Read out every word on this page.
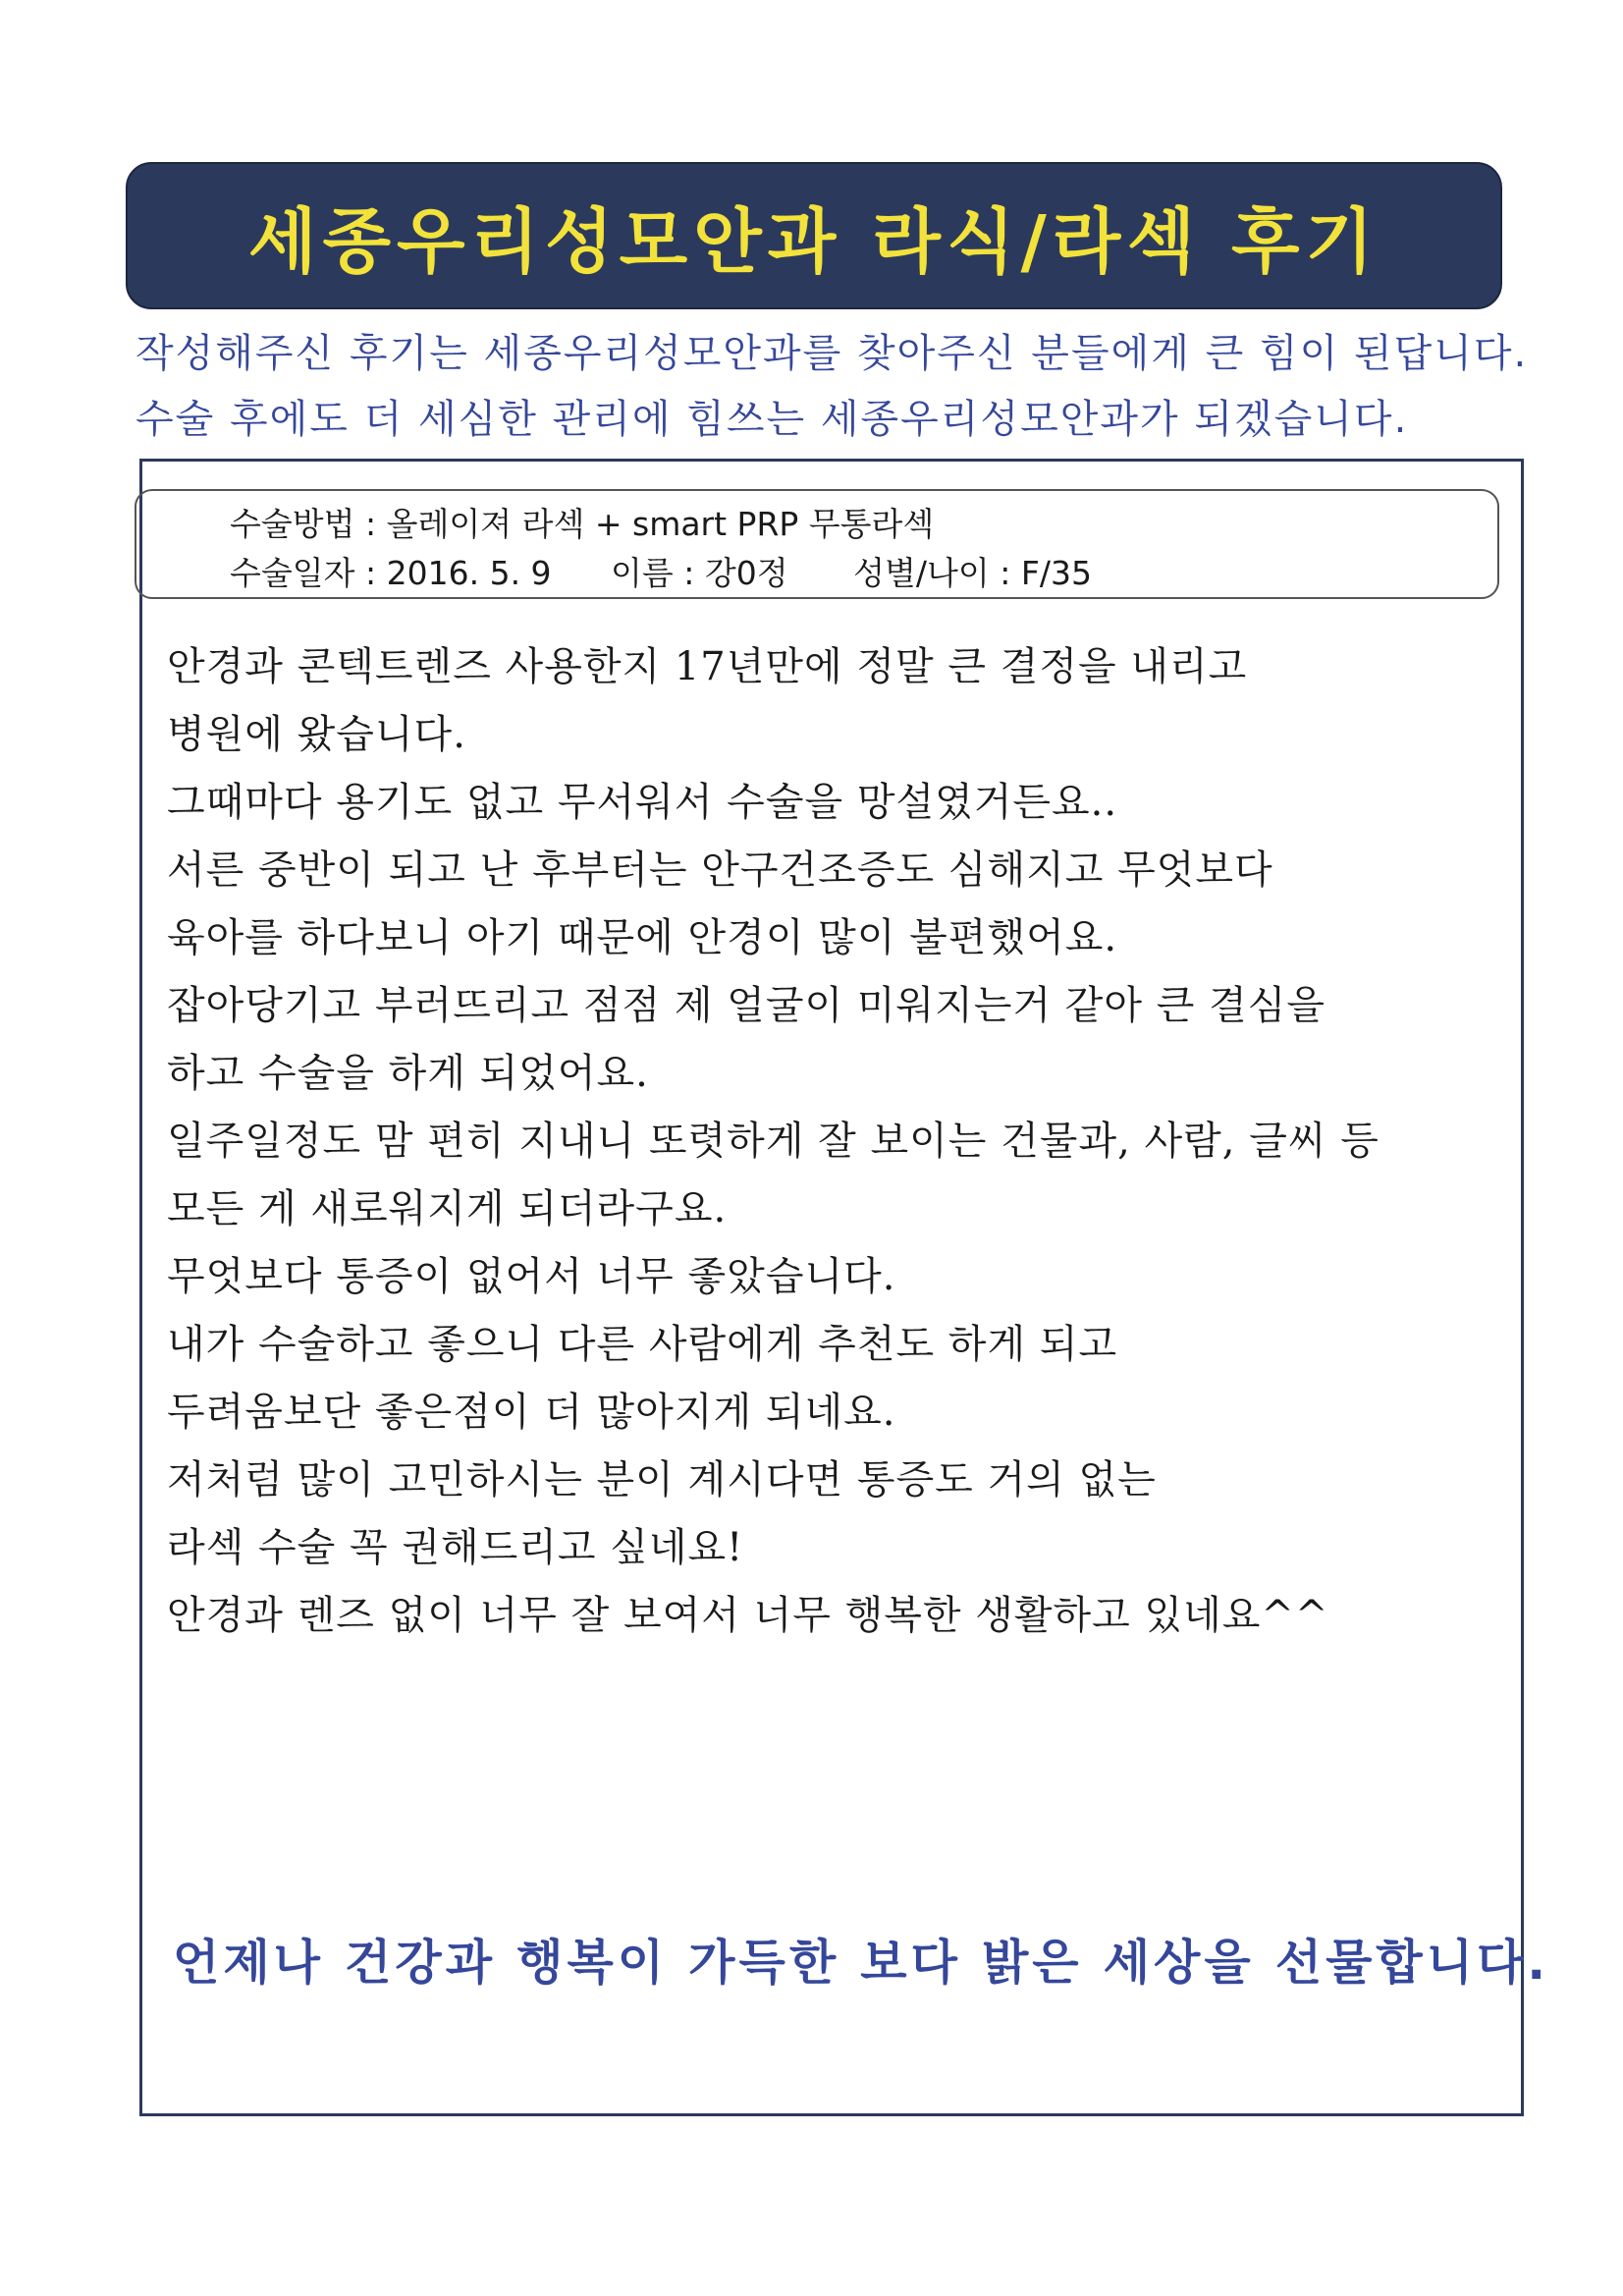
세종우리성모안과 라식/라섹 후기
작성해주신 후기는 세종우리성모안과를 찾아주신 분들에게 큰 힘이 된답니다.
수술 후에도 더 세심한 관리에 힘쓰는 세종우리성모안과가 되겠습니다.
수술방법 : 올레이져 라섹 + smart PRP 무통라섹
수술일자 : 2016. 5. 9 이름 : 강0정 성별/나이 : F/35
안경과 콘텍트렌즈 사용한지 17년만에 정말 큰 결정을 내리고
병원에 왔습니다.
그때마다 용기도 없고 무서워서 수술을 망설였거든요..
서른 중반이 되고 난 후부터는 안구건조증도 심해지고 무엇보다
육아를 하다보니 아기 때문에 안경이 많이 불편했어요.
잡아당기고 부러뜨리고 점점 제 얼굴이 미워지는거 같아 큰 결심을
하고 수술을 하게 되었어요.
일주일정도 맘 편히 지내니 또렷하게 잘 보이는 건물과, 사람, 글씨 등
모든 게 새로워지게 되더라구요.
무엇보다 통증이 없어서 너무 좋았습니다.
내가 수술하고 좋으니 다른 사람에게 추천도 하게 되고
두려움보단 좋은점이 더 많아지게 되네요.
저처럼 많이 고민하시는 분이 계시다면 통증도 거의 없는
라섹 수술 꼭 권해드리고 싶네요!
안경과 렌즈 없이 너무 잘 보여서 너무 행복한 생활하고 있네요^^
언제나 건강과 행복이 가득한 보다 밝은 세상을 선물합니다.
